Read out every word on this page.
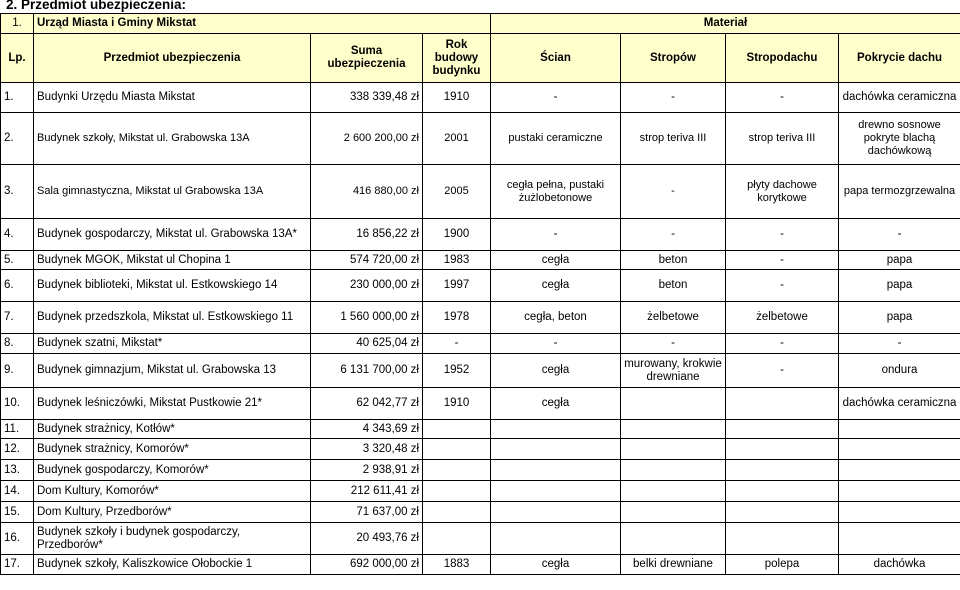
2. Przedmiot ubezpieczenia:
1.	Urząd Miasta i Gminy Mikstat			Materiał			
Lp.	Przedmiot ubezpieczenia	Suma ubezpieczenia	Rok budowy budynku	Ścian	Stropów	Stropodachu	Pokrycie dachu
1.	Budynki Urzędu Miasta Mikstat	338 339,48 zł	1910	-	-	-	dachówka ceramiczna
2.	Budynek szkoły, Mikstat ul. Grabowska 13A	2 600 200,00 zł	2001	pustaki ceramiczne	strop teriva III	strop teriva III	drewno sosnowe pokryte blachą dachówkową
3.	Sala gimnastyczna, Mikstat ul Grabowska 13A	416 880,00 zł	2005	cegła pełna, pustaki żużlobetonowe	-	płyty dachowe korytkowe	papa termozgrzewalna
4.	Budynek gospodarczy, Mikstat ul. Grabowska 13A*	16 856,22 zł	1900	-	-	-	-
5.	Budynek MGOK, Mikstat ul Chopina 1	574 720,00 zł	1983	cegła	beton	-	papa
6.	Budynek biblioteki, Mikstat ul. Estkowskiego 14	230 000,00 zł	1997	cegła	beton	-	papa
7.	Budynek przedszkola, Mikstat ul. Estkowskiego 11	1 560 000,00 zł	1978	cegła, beton	żelbetowe	żelbetowe	papa
8.	Budynek szatni, Mikstat*	40 625,04 zł	-	-	-	-	-
9.	Budynek gimnazjum, Mikstat ul. Grabowska 13	6 131 700,00 zł	1952	cegła	murowany, krokwie drewniane	-	ondura
10.	Budynek leśniczówki, Mikstat Pustkowie 21*	62 042,77 zł	1910	cegła			dachówka ceramiczna
11.	Budynek strażnicy, Kotłów*	4 343,69 zł					
12.	Budynek strażnicy, Komorów*	3 320,48 zł					
13.	Budynek gospodarczy, Komorów*	2 938,91 zł					
14.	Dom Kultury, Komorów*	212 611,41 zł					
15.	Dom Kultury, Przedborów*	71 637,00 zł					
16.	Budynek szkoły i budynek gospodarczy, Przedborów*	20 493,76 zł					
17.	Budynek szkoły, Kaliszkowice Ołobockie 1	692 000,00 zł	1883	cegła	belki drewniane	polepa	dachówka
